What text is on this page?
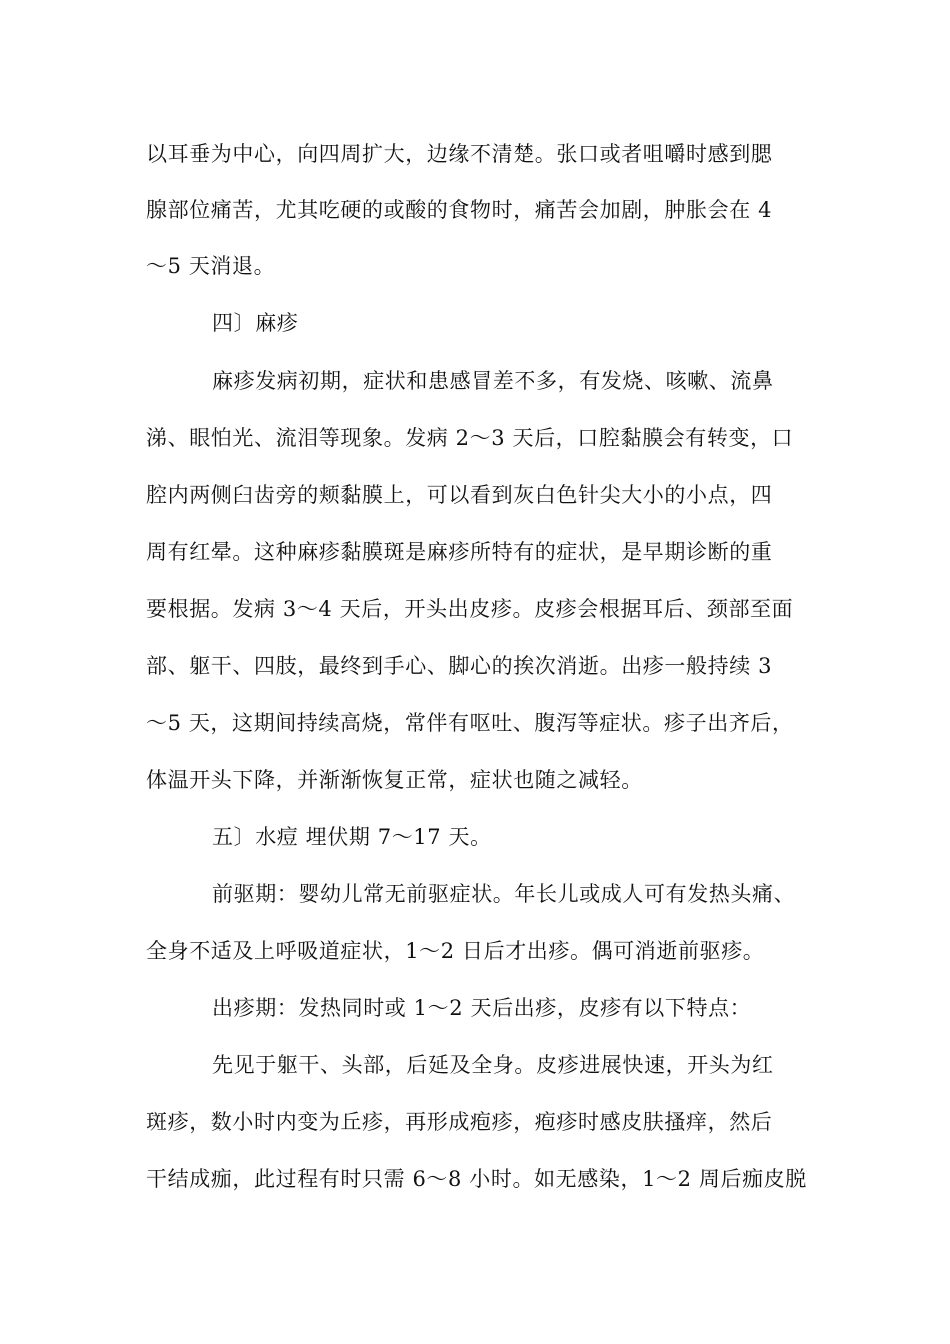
以耳垂为中心，向四周扩大，边缘不清楚。张口或者咀嚼时感到腮
腺部位痛苦，尤其吃硬的或酸的食物时，痛苦会加剧，肿胀会在 4
～5 天消退。
四〕麻疹
麻疹发病初期，症状和患感冒差不多，有发烧、咳嗽、流鼻
涕、眼怕光、流泪等现象。发病 2～3 天后，口腔黏膜会有转变，口
腔内两侧臼齿旁的颊黏膜上，可以看到灰白色针尖大小的小点，四
周有红晕。这种麻疹黏膜斑是麻疹所特有的症状，是早期诊断的重
要根据。发病 3～4 天后，开头出皮疹。皮疹会根据耳后、颈部至面
部、躯干、四肢，最终到手心、脚心的挨次消逝。出疹一般持续 3
～5 天，这期间持续高烧，常伴有呕吐、腹泻等症状。疹子出齐后，
体温开头下降，并渐渐恢复正常，症状也随之减轻。
五〕水痘 埋伏期 7～17 天。
前驱期：婴幼儿常无前驱症状。年长儿或成人可有发热头痛、
全身不适及上呼吸道症状，1～2 日后才出疹。偶可消逝前驱疹。
出疹期：发热同时或 1～2 天后出疹，皮疹有以下特点：
先见于躯干、头部，后延及全身。皮疹进展快速，开头为红
斑疹，数小时内变为丘疹，再形成疱疹，疱疹时感皮肤搔痒，然后
干结成痂，此过程有时只需 6～8 小时。如无感染，1～2 周后痂皮脱
